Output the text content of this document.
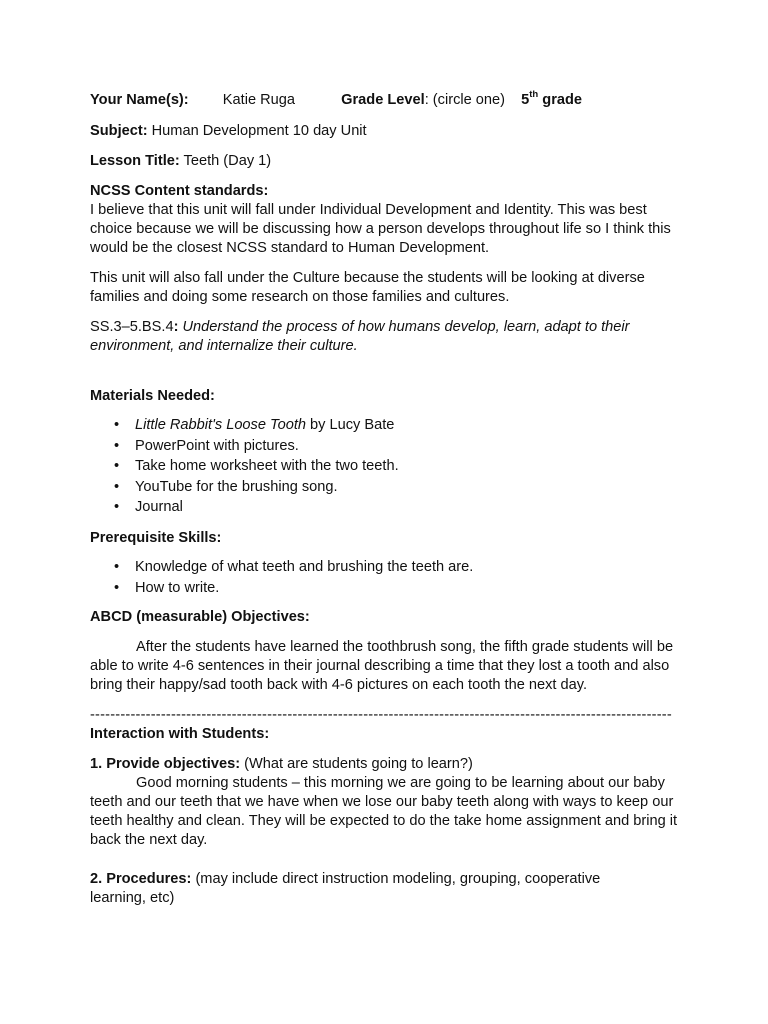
Your Name(s): Katie Ruga	Grade Level: (circle one) 5th grade
Subject: Human Development 10 day Unit
Lesson Title: Teeth (Day 1)
NCSS Content standards:

I believe that this unit will fall under Individual Development and Identity. This was best choice because we will be discussing how a person develops throughout life so I think this would be the closest NCSS standard to Human Development.

This unit will also fall under the Culture because the students will be looking at diverse families and doing some research on those families and cultures.

SS.3–5.BS.4: Understand the process of how humans develop, learn, adapt to their environment, and internalize their culture.

Materials Needed:
• Little Rabbit's Loose Tooth by Lucy Bate
• PowerPoint with pictures.
• Take home worksheet with the two teeth.
• YouTube for the brushing song.
• Journal
Prerequisite Skills:
• Knowledge of what teeth and brushing the teeth are.
• How to write.
ABCD (measurable) Objectives:

After the students have learned the toothbrush song, the fifth grade students will be able to write 4-6 sentences in their journal describing a time that they lost a tooth and also bring their happy/sad tooth back with 4-6 pictures on each tooth the next day.

-------------------------------------------------------------------------------------------------------------------
Interaction with Students:
1. Provide objectives: (What are students going to learn?)

Good morning students – this morning we are going to be learning about our baby teeth and our teeth that we have when we lose our baby teeth along with ways to keep our teeth healthy and clean. They will be expected to do the take home assignment and bring it back the next day.

2. Procedures: (may include direct instruction modeling, grouping, cooperative learning, etc)
